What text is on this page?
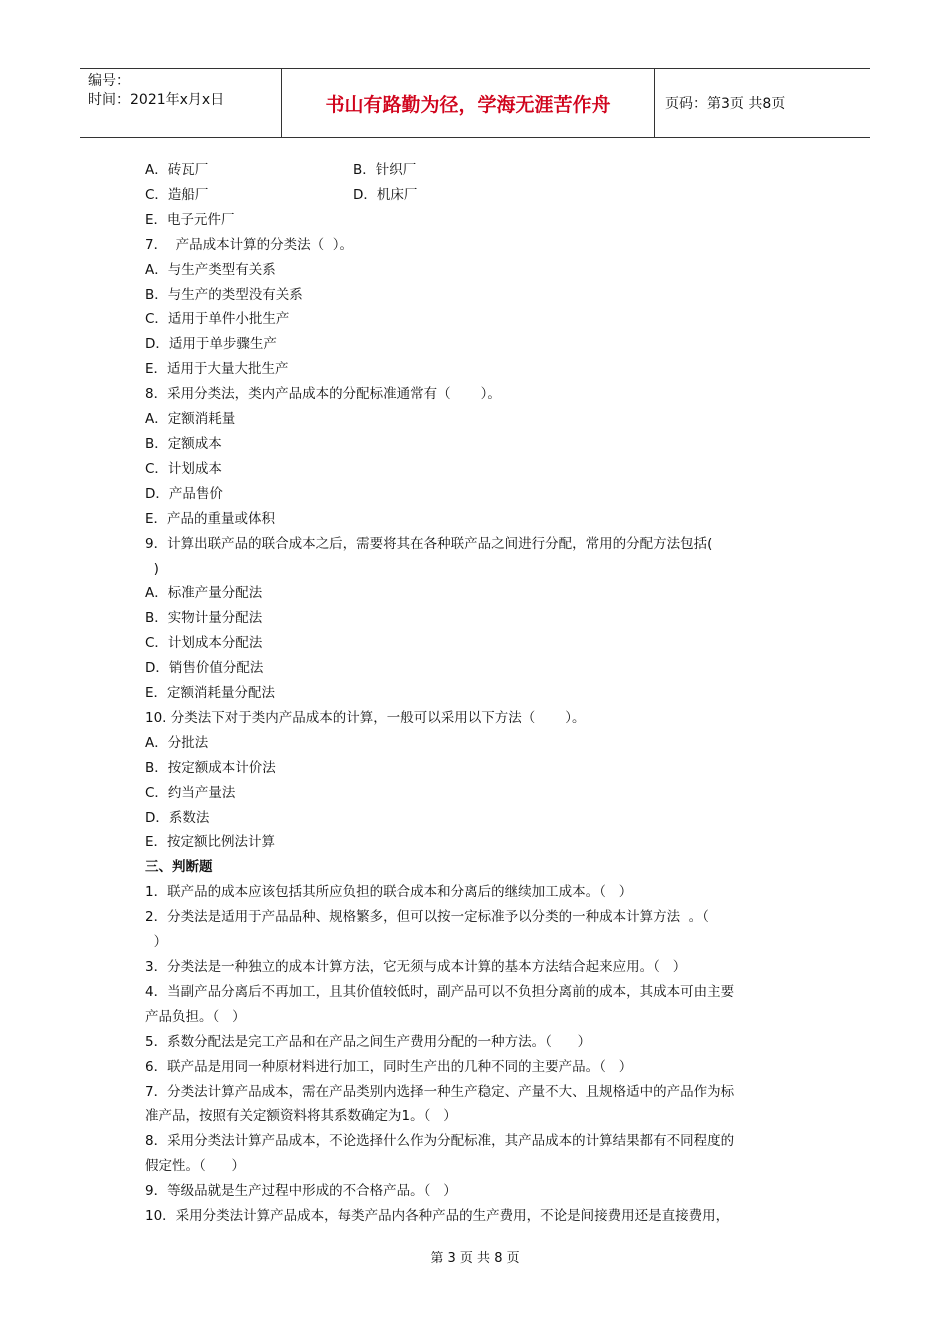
编号：
时间：2021年x月x日	书山有路勤为径，学海无涯苦作舟	页码：第3页 共8页
A．砖瓦厂	B．针织厂
C．造船厂	D．机床厂
E．电子元件厂
7．  产品成本计算的分类法（  ）。
A．与生产类型有关系
B．与生产的类型没有关系
C．适用于单件小批生产
D．适用于单步骤生产
E．适用于大量大批生产
8．采用分类法，类内产品成本的分配标准通常有（       ）。
A．定额消耗量
B．定额成本
C．计划成本
D．产品售价
E．产品的重量或体积
9．计算出联产品的联合成本之后，需要将其在各种联产品之间进行分配，常用的分配方法包括(
)
A．标准产量分配法
B．实物计量分配法
C．计划成本分配法
D．销售价值分配法
E．定额消耗量分配法
10. 分类法下对于类内产品成本的计算，一般可以采用以下方法（       ）。
A．分批法
B．按定额成本计价法
C．约当产量法
D．系数法
E．按定额比例法计算
三、判断题
1．联产品的成本应该包括其所应负担的联合成本和分离后的继续加工成本。（   ）
2．分类法是适用于产品品种、规格繁多，但可以按一定标准予以分类的一种成本计算方法  。（
）
3．分类法是一种独立的成本计算方法，它无须与成本计算的基本方法结合起来应用。（   ）
4．当副产品分离后不再加工，且其价值较低时，副产品可以不负担分离前的成本，其成本可由主要
产品负担。（   ）
5．系数分配法是完工产品和在产品之间生产费用分配的一种方法。（      ）
6．联产品是用同一种原材料进行加工，同时生产出的几种不同的主要产品。（   ）
7．分类法计算产品成本，需在产品类别内选择一种生产稳定、产量不大、且规格适中的产品作为标
准产品，按照有关定额资料将其系数确定为1。（   ）
8．采用分类法计算产品成本，不论选择什么作为分配标准，其产品成本的计算结果都有不同程度的
假定性。（      ）
9．等级品就是生产过程中形成的不合格产品。（   ）
10．采用分类法计算产品成本，每类产品内各种产品的生产费用，不论是间接费用还是直接费用，
第 3 页 共 8 页
